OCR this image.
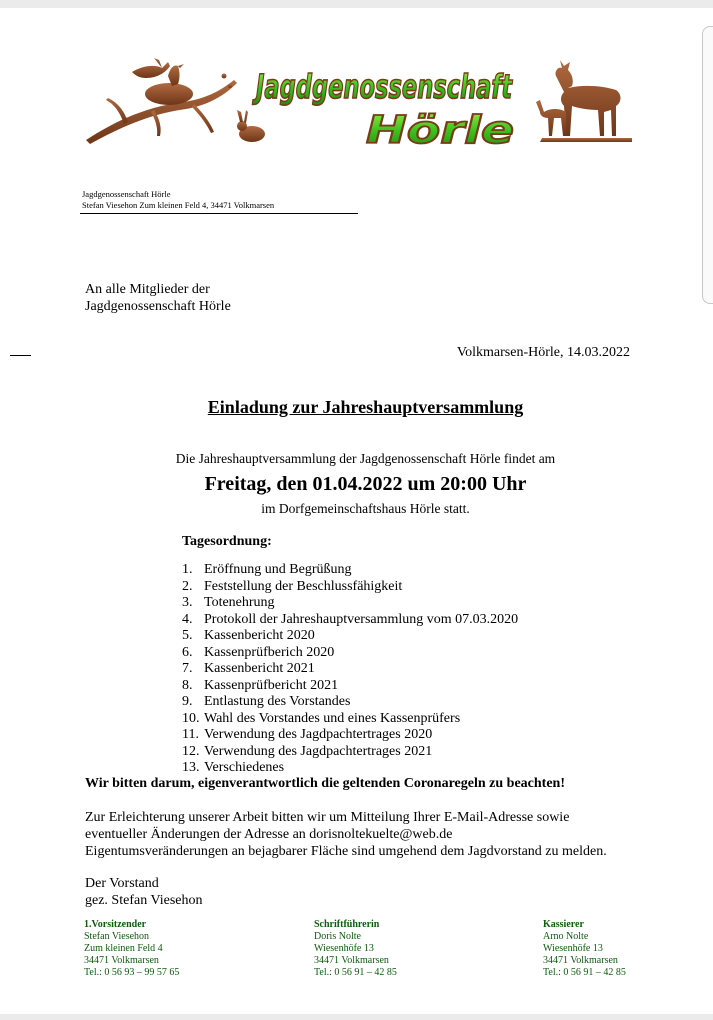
Jagdgenossenschaft
Hörle
Jagdgenossenschaft Hörle
Stefan Viesehon Zum kleinen Feld 4, 34471 Volkmarsen
An alle Mitglieder der
Jagdgenossenschaft Hörle
Volkmarsen-Hörle, 14.03.2022
Einladung zur Jahreshauptversammlung
Die Jahreshauptversammlung der Jagdgenossenschaft Hörle findet am
Freitag, den 01.04.2022 um 20:00 Uhr
im Dorfgemeinschaftshaus Hörle statt.
Tagesordnung:
1. Eröffnung und Begrüßung
2. Feststellung der Beschlussfähigkeit
3. Totenehrung
4. Protokoll der Jahreshauptversammlung vom 07.03.2020
5. Kassenbericht 2020
6. Kassenprüfberich 2020
7. Kassenbericht 2021
8. Kassenprüfbericht 2021
9. Entlastung des Vorstandes
10. Wahl des Vorstandes und eines Kassenprüfers
11. Verwendung des Jagdpachtertrages 2020
12. Verwendung des Jagdpachtertrages 2021
13. Verschiedenes
Wir bitten darum, eigenverantwortlich die geltenden Coronaregeln zu beachten!
Zur Erleichterung unserer Arbeit bitten wir um Mitteilung Ihrer E-Mail-Adresse sowie
eventueller Änderungen der Adresse an dorisnoltekuelte@web.de
Eigentumsveränderungen an bejagbarer Fläche sind umgehend dem Jagdvorstand zu melden.
Der Vorstand
gez. Stefan Viesehon
1.Vorsitzender
Stefan Viesehon
Zum kleinen Feld 4
34471 Volkmarsen
Tel.: 0 56 93 – 99 57 65
Schriftführerin
Doris Nolte
Wiesenhöfe 13
34471 Volkmarsen
Tel.: 0 56 91 – 42 85
Kassierer
Arno Nolte
Wiesenhöfe 13
34471 Volkmarsen
Tel.: 0 56 91 – 42 85
